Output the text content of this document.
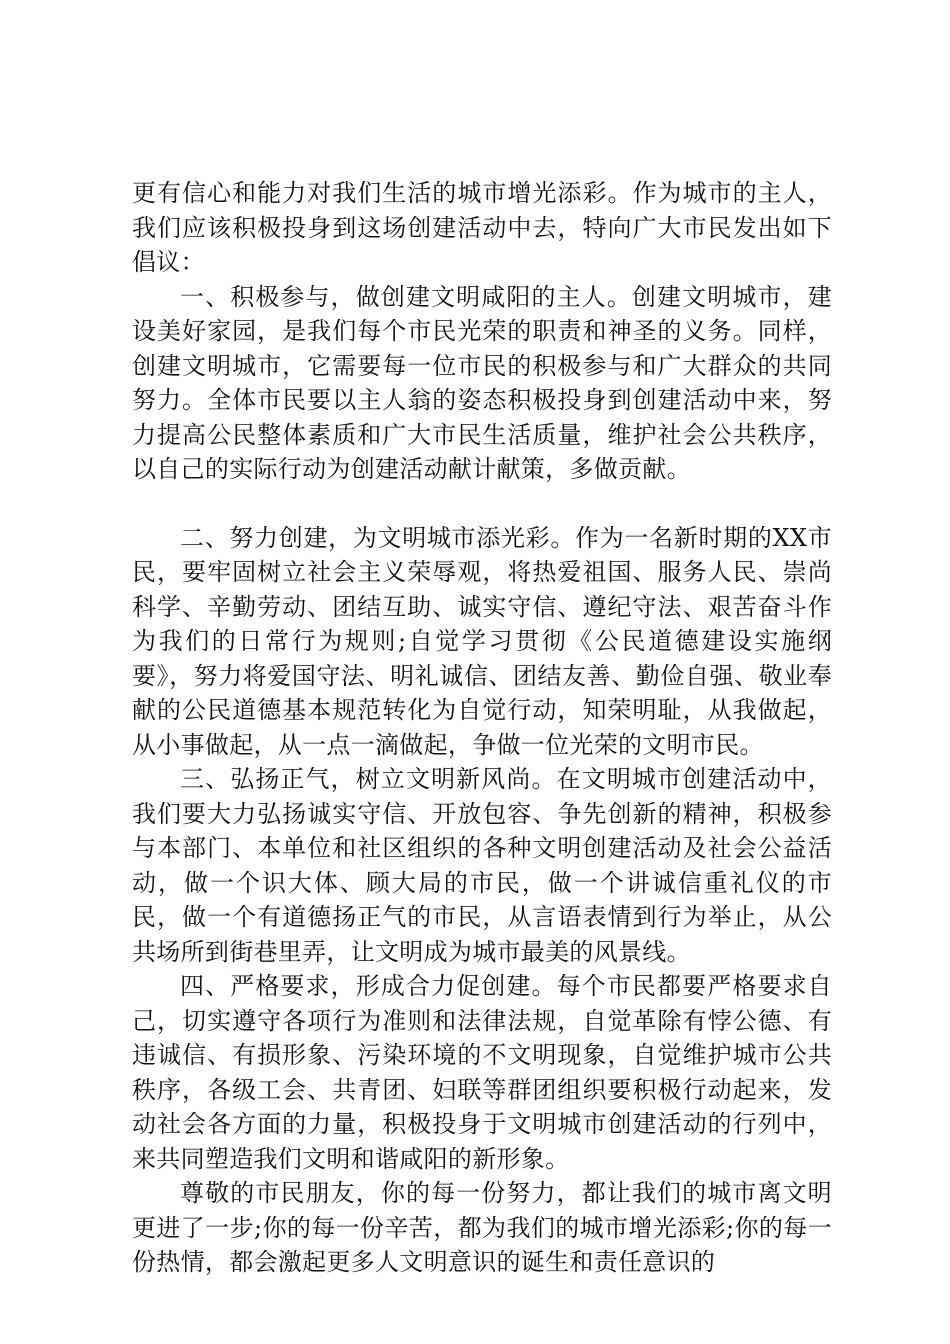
更有信心和能力对我们生活的城市增光添彩。作为城市的主人，我们应该积极投身到这场创建活动中去，特向广大市民发出如下倡议：

一、积极参与，做创建文明咸阳的主人。创建文明城市，建设美好家园，是我们每个市民光荣的职责和神圣的义务。同样，创建文明城市，它需要每一位市民的积极参与和广大群众的共同努力。全体市民要以主人翁的姿态积极投身到创建活动中来，努力提高公民整体素质和广大市民生活质量，维护社会公共秩序，以自己的实际行动为创建活动献计献策，多做贡献。

二、努力创建，为文明城市添光彩。作为一名新时期的XX市民，要牢固树立社会主义荣辱观，将热爱祖国、服务人民、崇尚科学、辛勤劳动、团结互助、诚实守信、遵纪守法、艰苦奋斗作为我们的日常行为规则;自觉学习贯彻《公民道德建设实施纲要》，努力将爱国守法、明礼诚信、团结友善、勤俭自强、敬业奉献的公民道德基本规范转化为自觉行动，知荣明耻，从我做起，从小事做起，从一点一滴做起，争做一位光荣的文明市民。

三、弘扬正气，树立文明新风尚。在文明城市创建活动中，我们要大力弘扬诚实守信、开放包容、争先创新的精神，积极参与本部门、本单位和社区组织的各种文明创建活动及社会公益活动，做一个识大体、顾大局的市民，做一个讲诚信重礼仪的市民，做一个有道德扬正气的市民，从言语表情到行为举止，从公共场所到街巷里弄，让文明成为城市最美的风景线。

四、严格要求，形成合力促创建。每个市民都要严格要求自己，切实遵守各项行为准则和法律法规，自觉革除有悖公德、有违诚信、有损形象、污染环境的不文明现象，自觉维护城市公共秩序，各级工会、共青团、妇联等群团组织要积极行动起来，发动社会各方面的力量，积极投身于文明城市创建活动的行列中，来共同塑造我们文明和谐咸阳的新形象。

尊敬的市民朋友，你的每一份努力，都让我们的城市离文明更进了一步;你的每一份辛苦，都为我们的城市增光添彩;你的每一份热情，都会激起更多人文明意识的诞生和责任意识的
